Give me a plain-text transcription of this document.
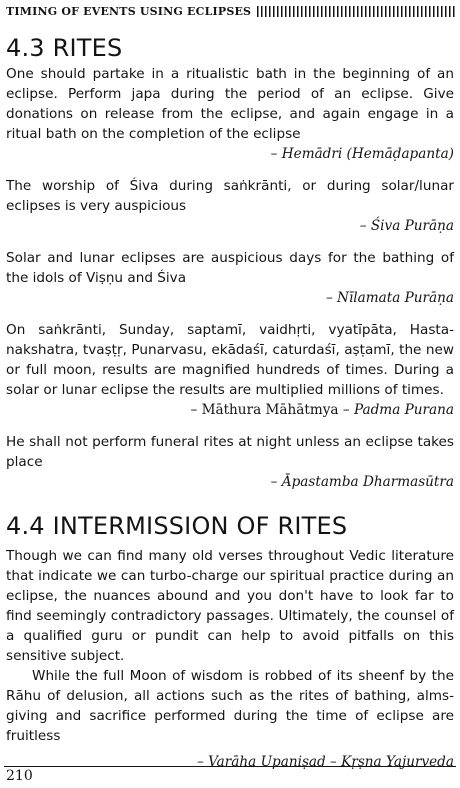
TIMING OF EVENTS USING ECLIPSES
4.3 RITES

One should partake in a ritualistic bath in the beginning of an eclipse. Perform japa during the period of an eclipse. Give donations on release from the eclipse, and again engage in a ritual bath on the completion of the eclipse

– Hemādri (Hemāḍapanta)

The worship of Śiva during saṅkrānti, or during solar/lunar eclipses is very auspicious

– Śiva Purāṇa

Solar and lunar eclipses are auspicious days for the bathing of the idols of Viṣṇu and Śiva

– Nīlamata Purāṇa

On saṅkrānti, Sunday, saptamī, vaidhṛti, vyatīpāta, Hasta-nakshatra, tvaṣṭṛ, Punarvasu, ekādaśī, caturdaśī, aṣṭamī, the new or full moon, results are magnified hundreds of times. During a solar or lunar eclipse the results are multiplied millions of times.

– Māthura Māhātmya – Padma Purana

He shall not perform funeral rites at night unless an eclipse takes place

– Āpastamba Dharmasūtra

4.4 INTERMISSION OF RITES

Though we can find many old verses throughout Vedic literature that indicate we can turbo-charge our spiritual practice during an eclipse, the nuances abound and you don't have to look far to find seemingly contradictory passages. Ultimately, the counsel of a qualified guru or pundit can help to avoid pitfalls on this sensitive subject.

While the full Moon of wisdom is robbed of its sheenf by the Rāhu of delusion, all actions such as the rites of bathing, alms-giving and sacrifice performed during the time of eclipse are fruitless

– Varāha Upaniṣad – Kṛṣna Yajurveda

210
